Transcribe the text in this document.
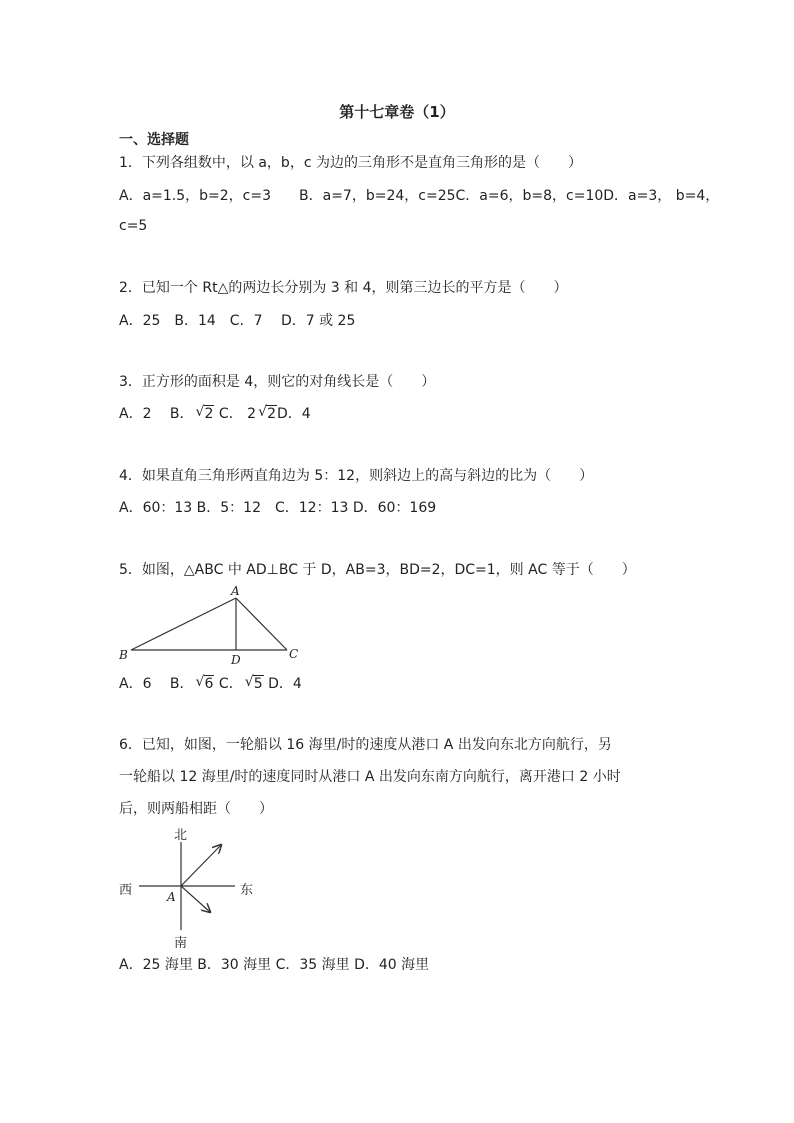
第十七章卷（1）
一、选择题
1．下列各组数中，以 a，b，c 为边的三角形不是直角三角形的是（　　）
A．a=1.5，b=2，c=3　　B．a=7，b=24，c=25C．a=6，b=8，c=10D．a=3， b=4，
c=5
2．已知一个 Rt△的两边长分别为 3 和 4，则第三边长的平方是（　　）
A．25　B．14　C．7　 D．7 或 25
3．正方形的面积是 4，则它的对角线长是（　　）
A．2　 B． √ 2 C． 2 √ 2D．4
4．如果直角三角形两直角边为 5：12，则斜边上的高与斜边的比为（　　）
A．60：13 B．5：12　C．12：13 D．60：169
5．如图，△ABC 中 AD⊥BC 于 D，AB=3，BD=2，DC=1，则 AC 等于（　　）
A
B	C
D
A．6　 B． √ 6 C． √ 5 D．4
6．已知，如图，一轮船以 16 海里/时的速度从港口 A 出发向东北方向航行，另
一轮船以 12 海里/时的速度同时从港口 A 出发向东南方向航行，离开港口 2 小时
后，则两船相距（　　）
北
南
东
西	A
A．25 海里 B．30 海里 C．35 海里 D．40 海里
